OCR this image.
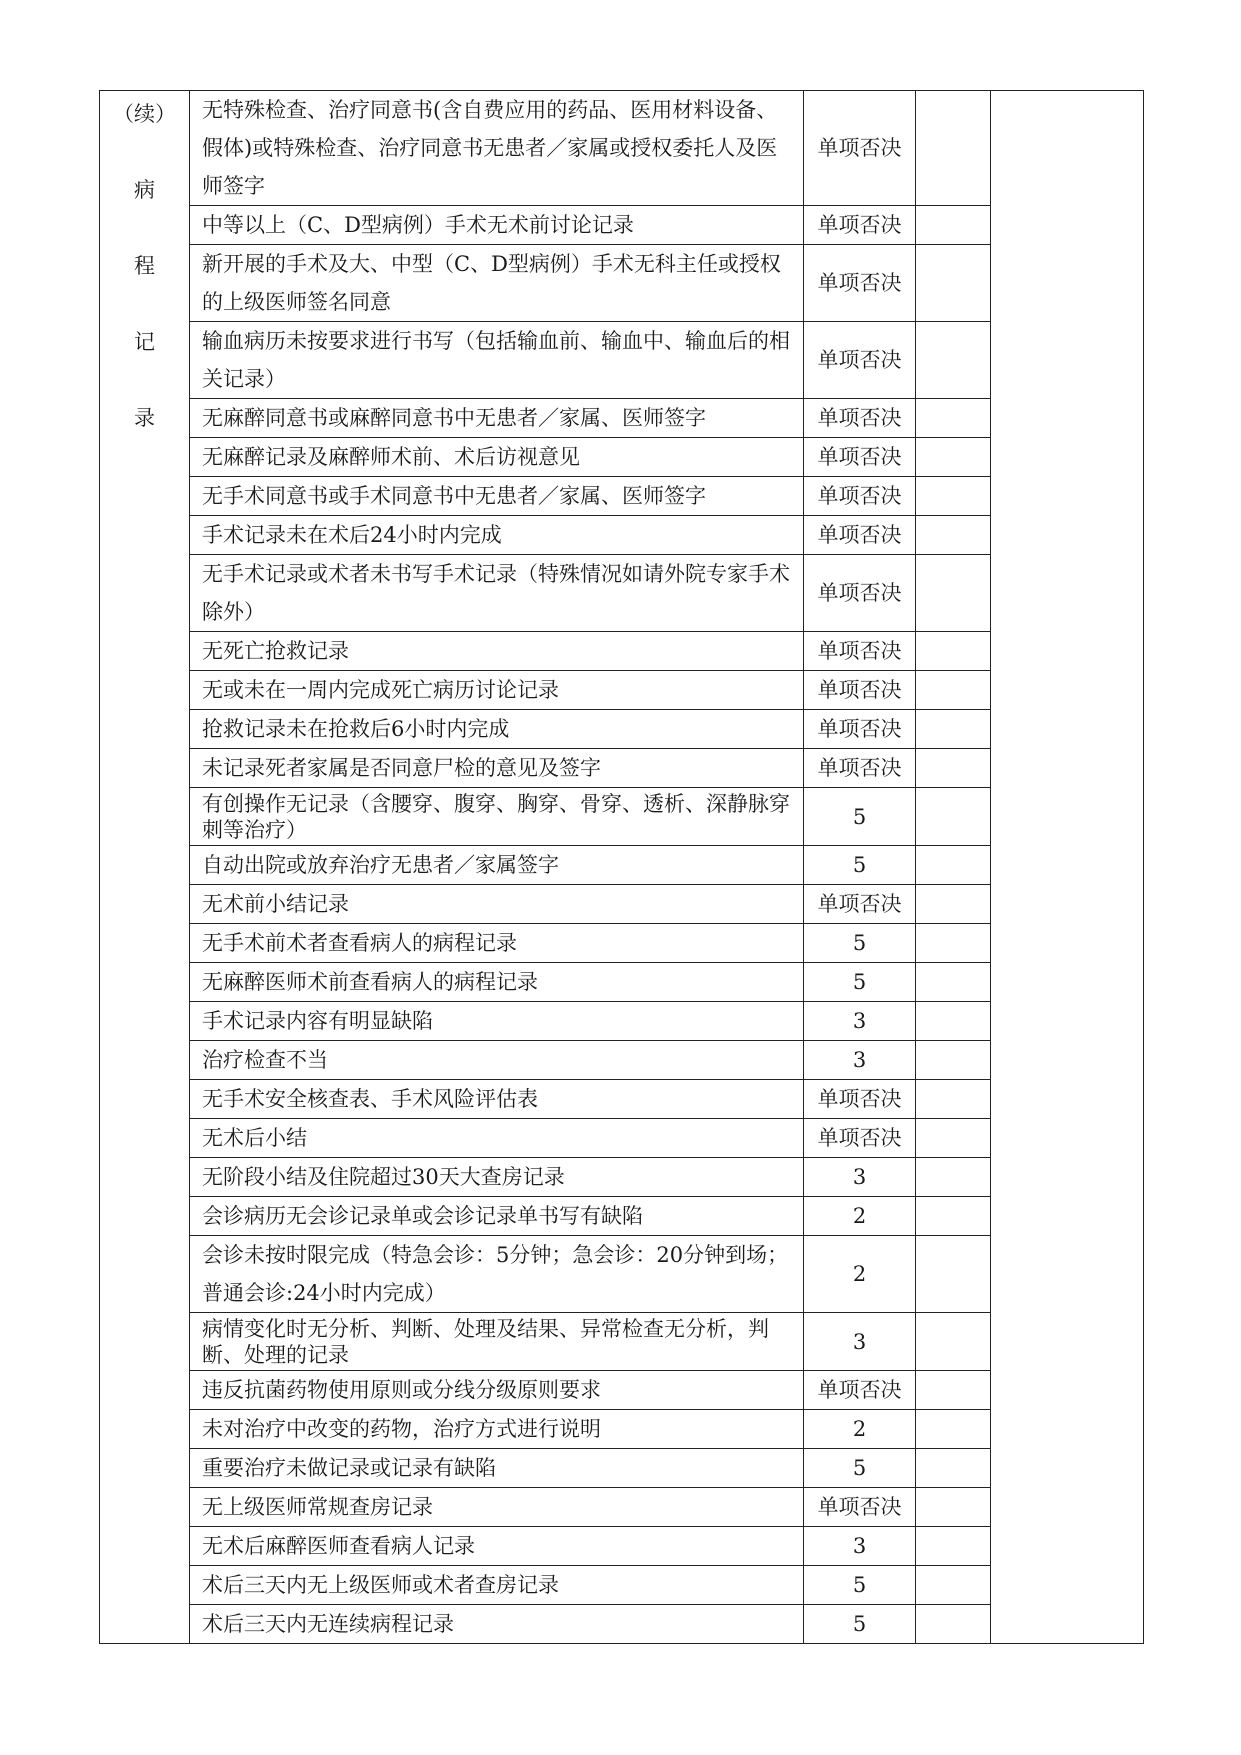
（续）
病
程
记
录	无特殊检查、治疗同意书(含自费应用的药品、医用材料设备、假体)或特殊检查、治疗同意书无患者／家属或授权委托人及医师签字	单项否决		
	中等以上（C、D型病例）手术无术前讨论记录	单项否决		
	新开展的手术及大、中型（C、D型病例）手术无科主任或授权的上级医师签名同意	单项否决		
	输血病历未按要求进行书写（包括输血前、输血中、输血后的相关记录）	单项否决		
	无麻醉同意书或麻醉同意书中无患者／家属、医师签字	单项否决		
	无麻醉记录及麻醉师术前、术后访视意见	单项否决		
	无手术同意书或手术同意书中无患者／家属、医师签字	单项否决		
	手术记录未在术后24小时内完成	单项否决		
	无手术记录或术者未书写手术记录（特殊情况如请外院专家手术除外）	单项否决		
	无死亡抢救记录	单项否决		
	无或未在一周内完成死亡病历讨论记录	单项否决		
	抢救记录未在抢救后6小时内完成	单项否决		
	未记录死者家属是否同意尸检的意见及签字	单项否决		
	有创操作无记录（含腰穿、腹穿、胸穿、骨穿、透析、深静脉穿刺等治疗）	5		
	自动出院或放弃治疗无患者／家属签字	5		
	无术前小结记录	单项否决		
	无手术前术者查看病人的病程记录	5		
	无麻醉医师术前查看病人的病程记录	5		
	手术记录内容有明显缺陷	3		
	治疗检查不当	3		
	无手术安全核查表、手术风险评估表	单项否决		
	无术后小结	单项否决		
	无阶段小结及住院超过30天大查房记录	3		
	会诊病历无会诊记录单或会诊记录单书写有缺陷	2		
	会诊未按时限完成（特急会诊：5分钟；急会诊：20分钟到场；普通会诊:24小时内完成）	2		
	病情变化时无分析、判断、处理及结果、异常检查无分析，判断、处理的记录	3		
	违反抗菌药物使用原则或分线分级原则要求	单项否决		
	未对治疗中改变的药物，治疗方式进行说明	2		
	重要治疗未做记录或记录有缺陷	5		
	无上级医师常规查房记录	单项否决		
	无术后麻醉医师查看病人记录	3		
	术后三天内无上级医师或术者查房记录	5		
	术后三天内无连续病程记录	5		
